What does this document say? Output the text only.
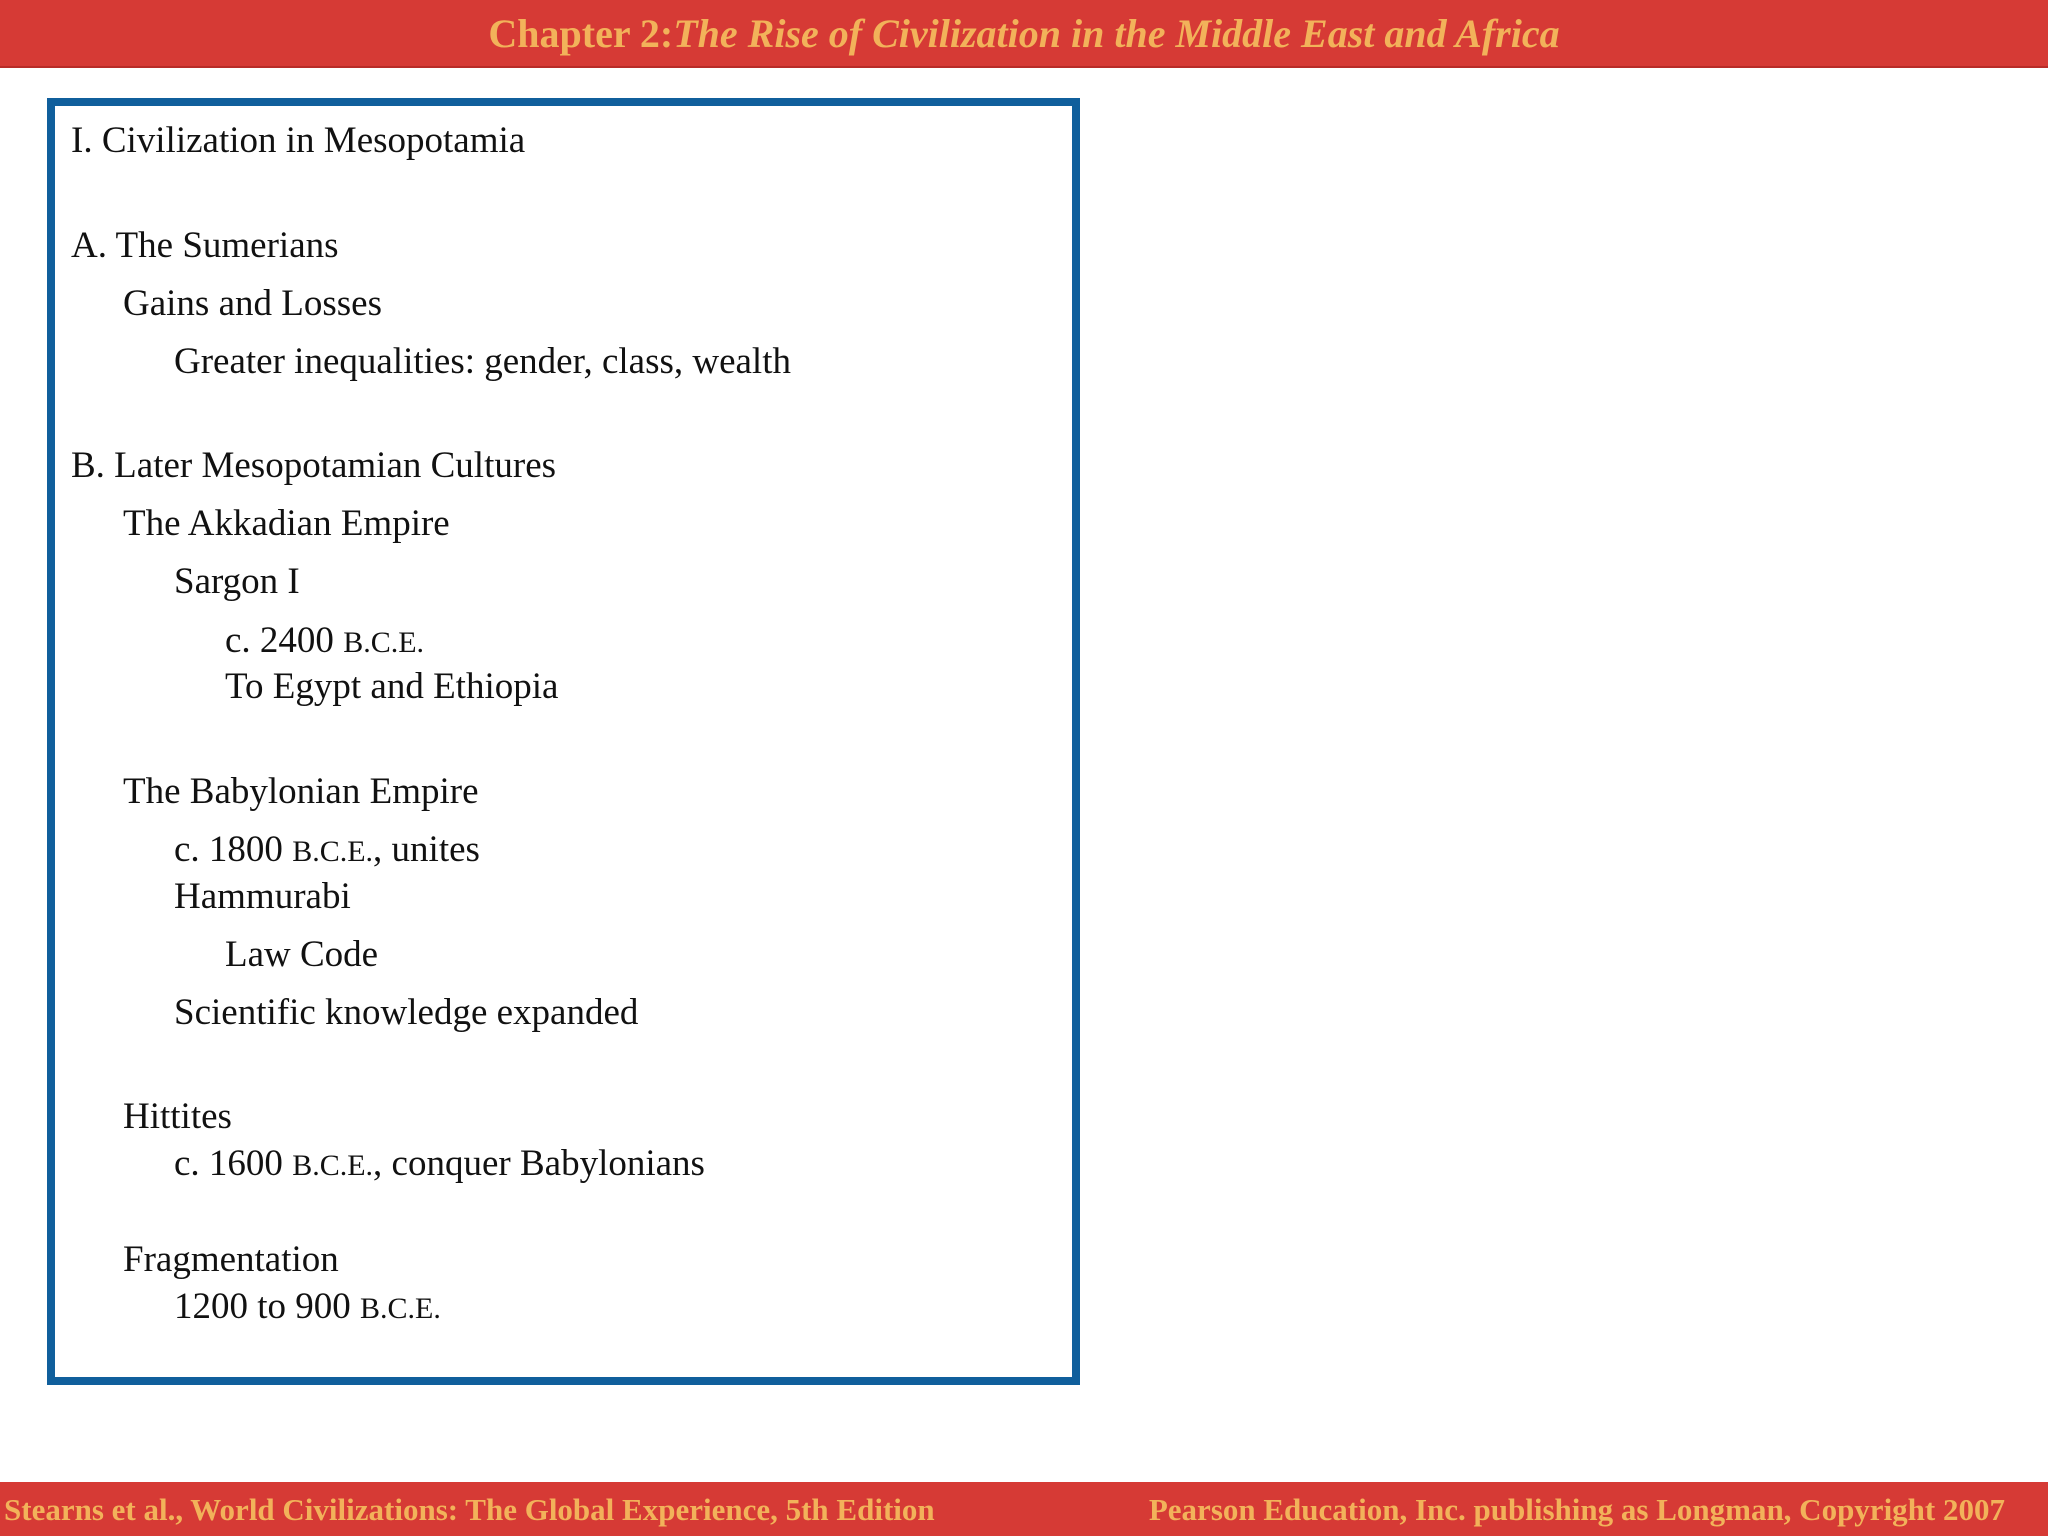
Chapter 2: The Rise of Civilization in the Middle East and Africa
I. Civilization in Mesopotamia
A. The Sumerians
Gains and Losses
Greater inequalities: gender, class, wealth
B. Later Mesopotamian Cultures
The Akkadian Empire
Sargon I
c. 2400 B.C.E.
To Egypt and Ethiopia
The Babylonian Empire
c. 1800 B.C.E., unites
Hammurabi
Law Code
Scientific knowledge expanded
Hittites
c. 1600 B.C.E., conquer Babylonians
Fragmentation
1200 to 900 B.C.E.
Stearns et al., World Civilizations: The Global Experience, 5th Edition	Pearson Education, Inc. publishing as Longman, Copyright 2007
